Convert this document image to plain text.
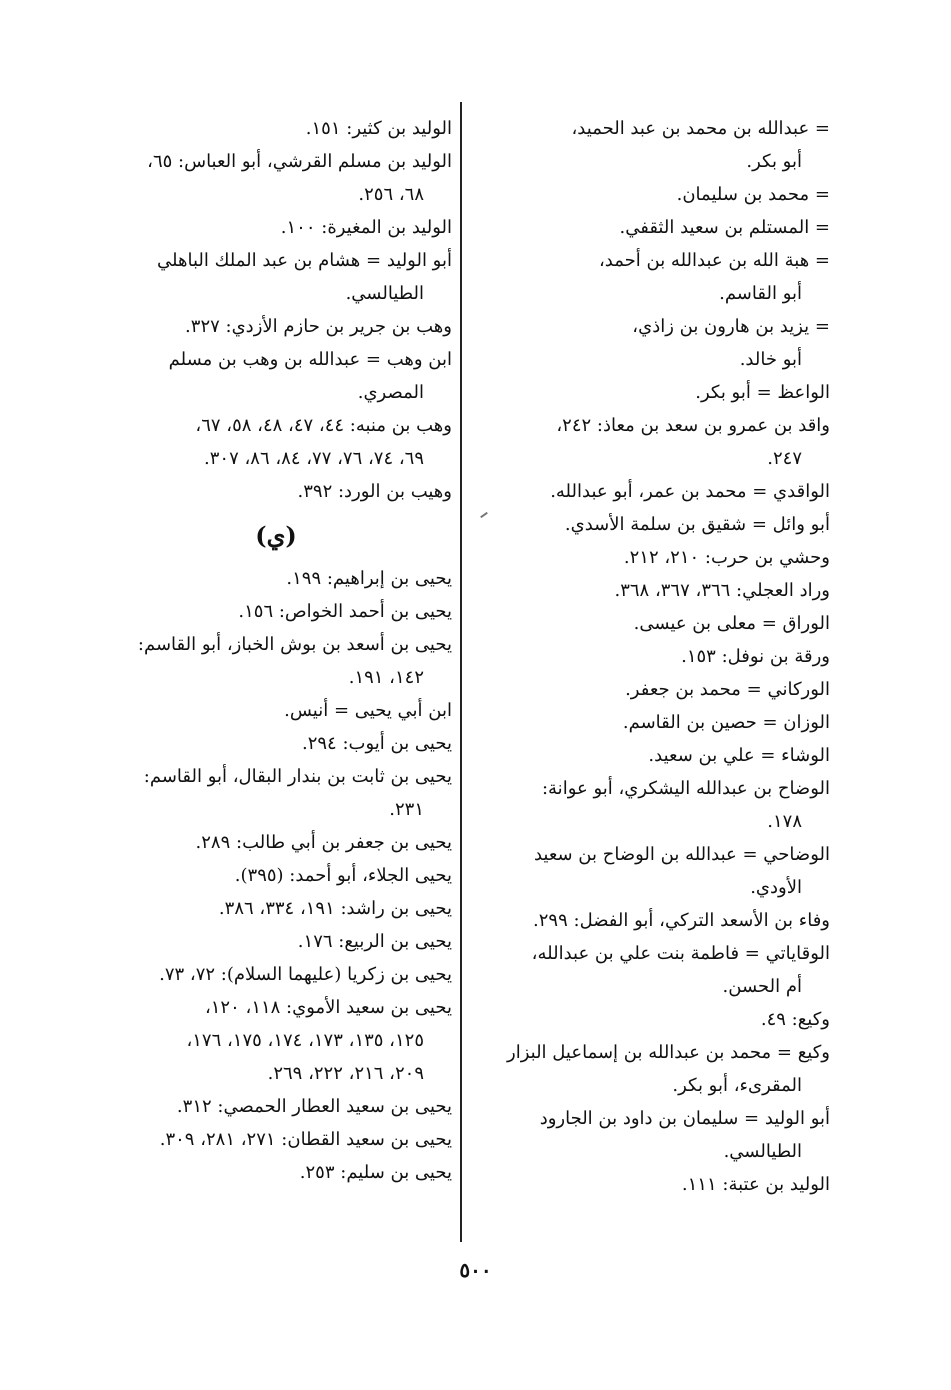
= عبدالله بن محمد بن عبد الحميد،
أبو بكر.
= محمد بن سليمان.
= المستلم بن سعيد الثقفي.
= هبة الله بن عبدالله بن أحمد،
أبو القاسم.
= يزيد بن هارون بن زاذي،
أبو خالد.
الواعظ = أبو بكر.
واقد بن عمرو بن سعد بن معاذ: ٢٤٢،
٢٤٧.
الواقدي = محمد بن عمر، أبو عبدالله.
أبو وائل = شقيق بن سلمة الأسدي.
وحشي بن حرب: ٢١٠، ٢١٢.
وراد العجلي: ٣٦٦، ٣٦٧، ٣٦٨.
الوراق = معلى بن عيسى.
ورقة بن نوفل: ١٥٣.
الوركاني = محمد بن جعفر.
الوزان = حصين بن القاسم.
الوشاء = علي بن سعيد.
الوضاح بن عبدالله اليشكري، أبو عوانة:
١٧٨.
الوضاحي = عبدالله بن الوضاح بن سعيد
الأودي.
وفاء بن الأسعد التركي، أبو الفضل: ٢٩٩.
الوقاياتي = فاطمة بنت علي بن عبدالله،
أم الحسن.
وكيع: ٤٩.
وكيع = محمد بن عبدالله بن إسماعيل البزار
المقرىء، أبو بكر.
أبو الوليد = سليمان بن داود بن الجارود
الطيالسي.
الوليد بن عتبة: ١١١.
الوليد بن كثير: ١٥١.
الوليد بن مسلم القرشي، أبو العباس: ٦٥،
٦٨، ٢٥٦.
الوليد بن المغيرة: ١٠٠.
أبو الوليد = هشام بن عبد الملك الباهلي
الطيالسي.
وهب بن جرير بن حازم الأزدي: ٣٢٧.
ابن وهب = عبدالله بن وهب بن مسلم
المصري.
وهب بن منبه: ٤٤، ٤٧، ٤٨، ٥٨، ٦٧،
٦٩، ٧٤، ٧٦، ٧٧، ٨٤، ٨٦، ٣٠٧.
وهيب بن الورد: ٣٩٢.
(ي)
يحيى بن إبراهيم: ١٩٩.
يحيى بن أحمد الخواص: ١٥٦.
يحيى بن أسعد بن بوش الخباز، أبو القاسم:
١٤٢، ١٩١.
ابن أبي يحيى = أنيس.
يحيى بن أيوب: ٢٩٤.
يحيى بن ثابت بن بندار البقال، أبو القاسم:
٢٣١.
يحيى بن جعفر بن أبي طالب: ٢٨٩.
يحيى الجلاء، أبو أحمد: (٣٩٥).
يحيى بن راشد: ١٩١، ٣٣٤، ٣٨٦.
يحيى بن الربيع: ١٧٦.
يحيى بن زكريا (عليهما السلام): ٧٢، ٧٣.
يحيى بن سعيد الأموي: ١١٨، ١٢٠،
١٢٥، ١٣٥، ١٧٣، ١٧٤، ١٧٥، ١٧٦،
٢٠٩، ٢١٦، ٢٢٢، ٢٦٩.
يحيى بن سعيد العطار الحمصي: ٣١٢.
يحيى بن سعيد القطان: ٢٧١، ٢٨١، ٣٠٩.
يحيى بن سليم: ٢٥٣.
٥٠٠
